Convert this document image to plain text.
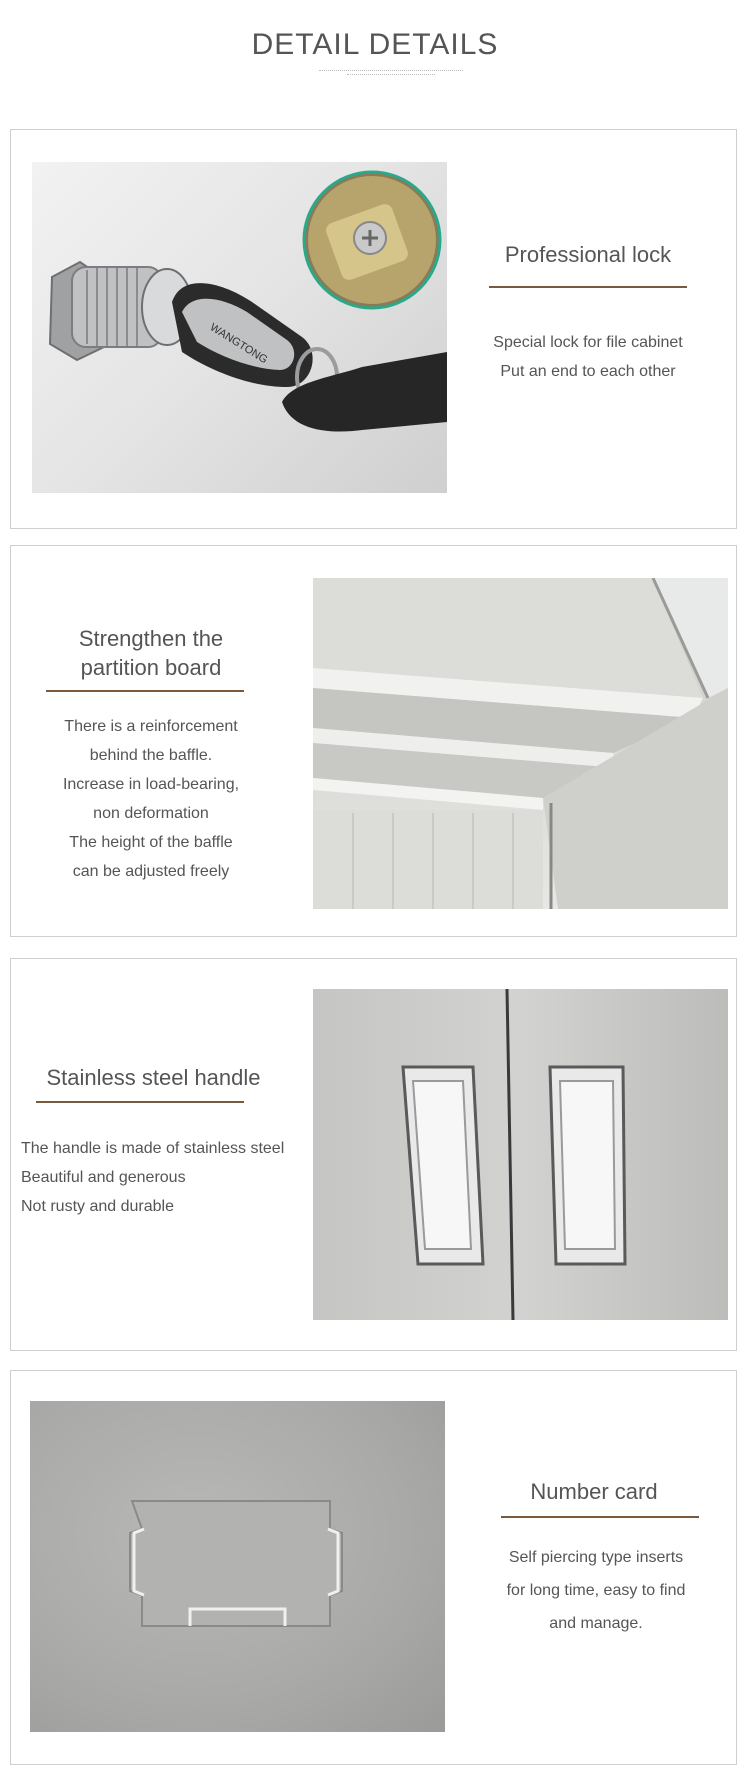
DETAIL DETAILS
WANGTONG
Professional lock
Special lock for file cabinet
Put an end to each other
Strengthen the
partition board
There is a reinforcement
behind the baffle.
Increase in load-bearing,
non deformation
The height of the baffle
can be adjusted freely
Stainless steel handle
The handle is made of stainless steel
Beautiful and generous
Not rusty and durable
Number card
Self piercing type inserts
for long time, easy to find
and manage.
